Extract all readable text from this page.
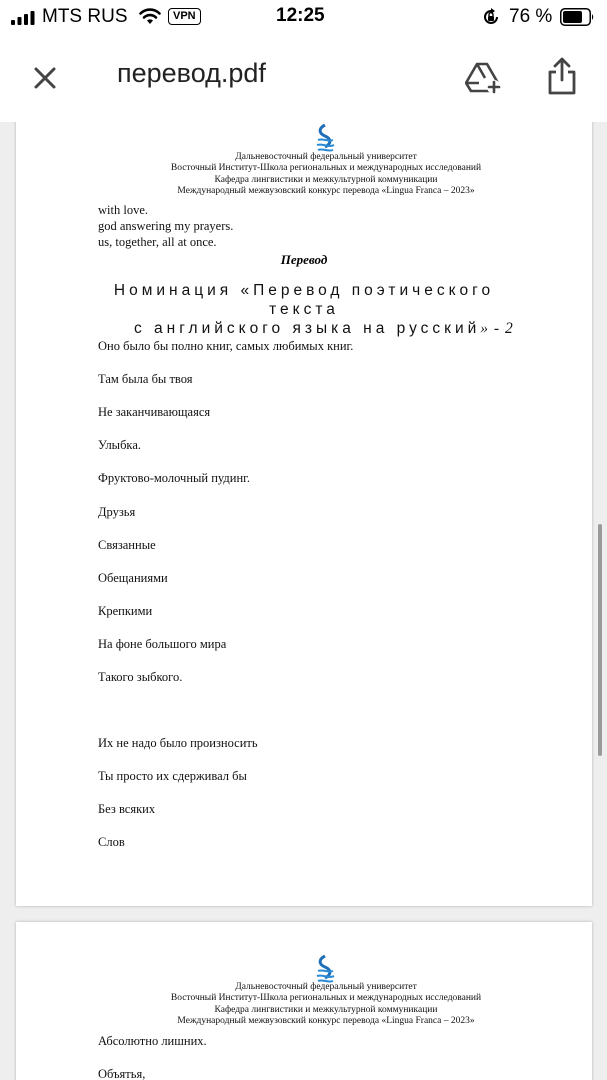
MTS RUS	VPN	12:25	76 %
перевод.pdf
Дальневосточный федеральный университет
Восточный Институт-Школа региональных и международных исследований
Кафедра лингвистики и межкультурной коммуникации
Международный межвузовский конкурс перевода «Lingua Franca – 2023»
with love.
god answering my prayers.
us, together, all at once.
Перевод
Номинация «Перевод поэтического
текста
с английского языка на русский» - 2
Оно было бы полно книг, самых любимых книг.
Там была бы твоя
Не заканчивающаяся
Улыбка.
Фруктово-молочный пудинг.
Друзья
Связанные
Обещаниями
Крепкими
На фоне большого мира
Такого зыбкого.
Их не надо было произносить
Ты просто их сдерживал бы
Без всяких
Слов
Дальневосточный федеральный университет
Восточный Институт-Школа региональных и международных исследований
Кафедра лингвистики и межкультурной коммуникации
Международный межвузовский конкурс перевода «Lingua Franca – 2023»
Абсолютно лишних.
Объятья,
